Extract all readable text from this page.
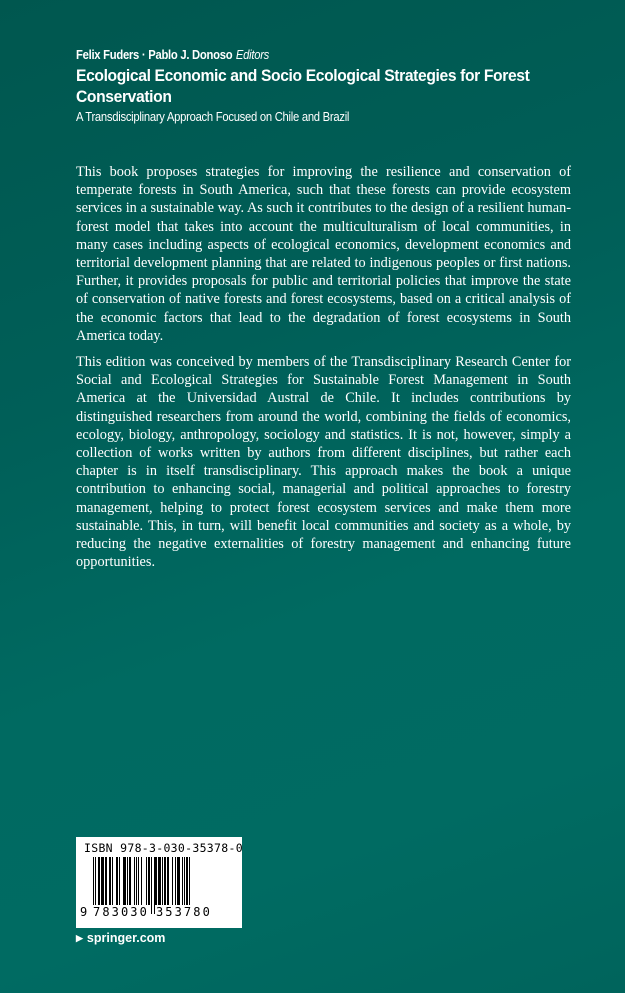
Felix Fuders · Pablo J. Donoso Editors
Ecological Economic and Socio Ecological Strategies for Forest Conservation
A Transdisciplinary Approach Focused on Chile and Brazil

This book proposes strategies for improving the resilience and conservation of temperate forests in South America, such that these forests can provide ecosystem services in a sustainable way. As such it contributes to the design of a resilient human-forest model that takes into account the multiculturalism of local communities, in many cases including aspects of ecological economics, development economics and territorial development planning that are related to indigenous peoples or first nations. Further, it provides proposals for public and territorial policies that improve the state of conservation of native forests and forest ecosystems, based on a critical analysis of the economic factors that lead to the degradation of forest ecosystems in South America today.

This edition was conceived by members of the Transdisciplinary Research Center for Social and Ecological Strategies for Sustainable Forest Management in South America at the Universidad Austral de Chile. It includes contributions by distinguished researchers from around the world, combining the fields of economics, ecology, biology, anthropology, sociology and statistics. It is not, however, simply a collection of works written by authors from different disciplines, but rather each chapter is in itself transdisciplinary. This approach makes the book a unique contribution to enhancing social, managerial and political approaches to forestry management, helping to protect forest ecosystem services and make them more sustainable. This, in turn, will benefit local communities and society as a whole, by reducing the negative externalities of forestry management and enhancing future opportunities.

ISBN 978-3-030-35378-0
9 783030 353780
▶ springer.com
